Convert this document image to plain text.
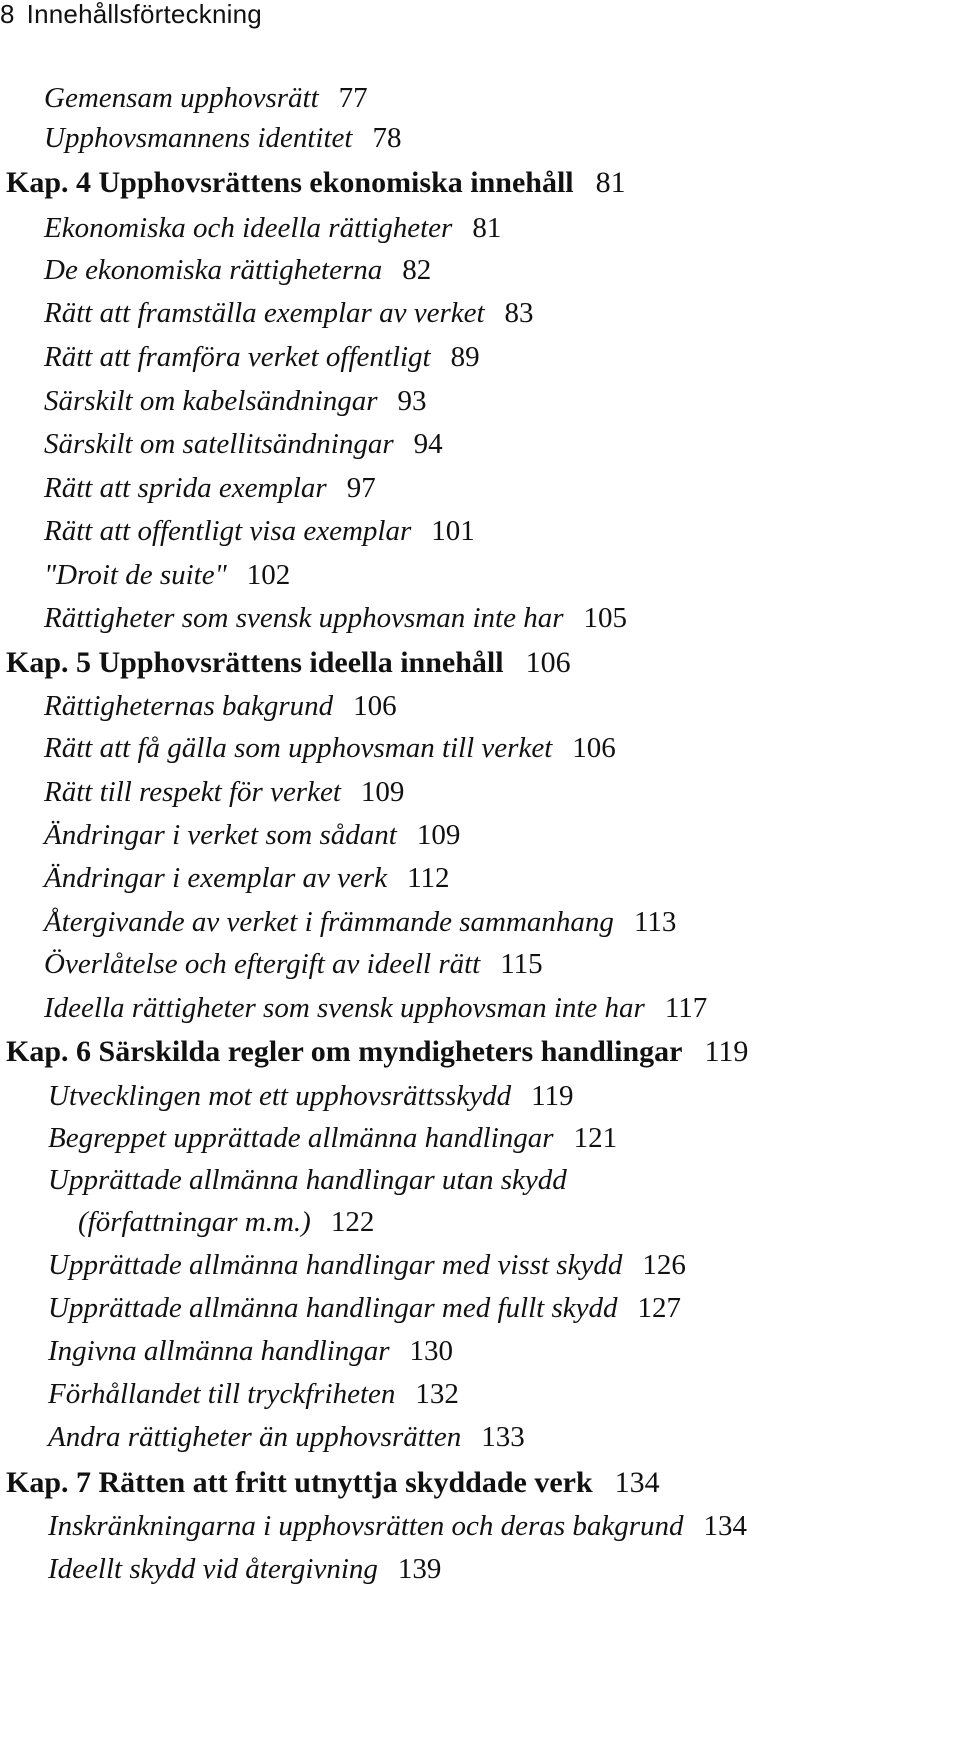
8 Innehållsförteckning
Gemensam upphovsrätt 77
Upphovsmannens identitet 78
Kap. 4 Upphovsrättens ekonomiska innehåll 81
Ekonomiska och ideella rättigheter 81
De ekonomiska rättigheterna 82
Rätt att framställa exemplar av verket 83
Rätt att framföra verket offentligt 89
Särskilt om kabelsändningar 93
Särskilt om satellitsändningar 94
Rätt att sprida exemplar 97
Rätt att offentligt visa exemplar 101
"Droit de suite" 102
Rättigheter som svensk upphovsman inte har 105
Kap. 5 Upphovsrättens ideella innehåll 106
Rättigheternas bakgrund 106
Rätt att få gälla som upphovsman till verket 106
Rätt till respekt för verket 109
Ändringar i verket som sådant 109
Ändringar i exemplar av verk 112
Återgivande av verket i främmande sammanhang 113
Överlåtelse och eftergift av ideell rätt 115
Ideella rättigheter som svensk upphovsman inte har 117
Kap. 6 Särskilda regler om myndigheters handlingar 119
Utvecklingen mot ett upphovsrättsskydd 119
Begreppet upprättade allmänna handlingar 121
Upprättade allmänna handlingar utan skydd
(författningar m.m.) 122
Upprättade allmänna handlingar med visst skydd 126
Upprättade allmänna handlingar med fullt skydd 127
Ingivna allmänna handlingar 130
Förhållandet till tryckfriheten 132
Andra rättigheter än upphovsrätten 133
Kap. 7 Rätten att fritt utnyttja skyddade verk 134
Inskränkningarna i upphovsrätten och deras bakgrund 134
Ideellt skydd vid återgivning 139
